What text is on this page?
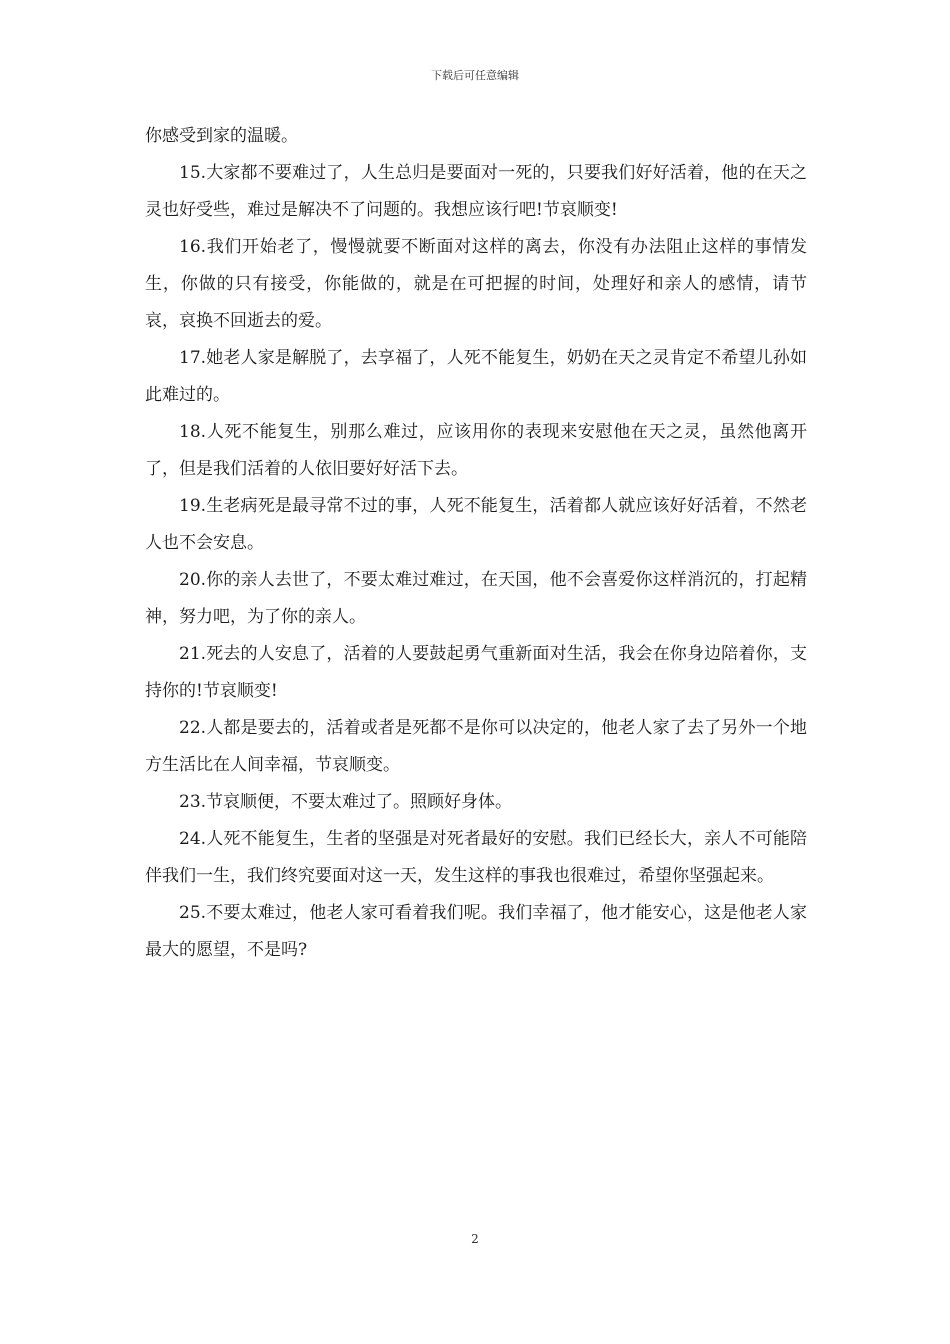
下载后可任意编辑

你感受到家的温暖。

15.大家都不要难过了，人生总归是要面对一死的，只要我们好好活着，他的在天之灵也好受些，难过是解决不了问题的。我想应该行吧!节哀顺变!

16.我们开始老了，慢慢就要不断面对这样的离去，你没有办法阻止这样的事情发生，你做的只有接受，你能做的，就是在可把握的时间，处理好和亲人的感情，请节哀，哀换不回逝去的爱。

17.她老人家是解脱了，去享福了，人死不能复生，奶奶在天之灵肯定不希望儿孙如此难过的。

18.人死不能复生，别那么难过，应该用你的表现来安慰他在天之灵，虽然他离开了，但是我们活着的人依旧要好好活下去。

19.生老病死是最寻常不过的事，人死不能复生，活着都人就应该好好活着，不然老人也不会安息。

20.你的亲人去世了，不要太难过难过，在天国，他不会喜爱你这样消沉的，打起精神，努力吧，为了你的亲人。

21.死去的人安息了，活着的人要鼓起勇气重新面对生活，我会在你身边陪着你，支持你的!节哀顺变!

22.人都是要去的，活着或者是死都不是你可以决定的，他老人家了去了另外一个地方生活比在人间幸福，节哀顺变。

23.节哀顺便，不要太难过了。照顾好身体。

24.人死不能复生，生者的坚强是对死者最好的安慰。我们已经长大，亲人不可能陪伴我们一生，我们终究要面对这一天，发生这样的事我也很难过，希望你坚强起来。

25.不要太难过，他老人家可看着我们呢。我们幸福了，他才能安心，这是他老人家最大的愿望，不是吗?

2
